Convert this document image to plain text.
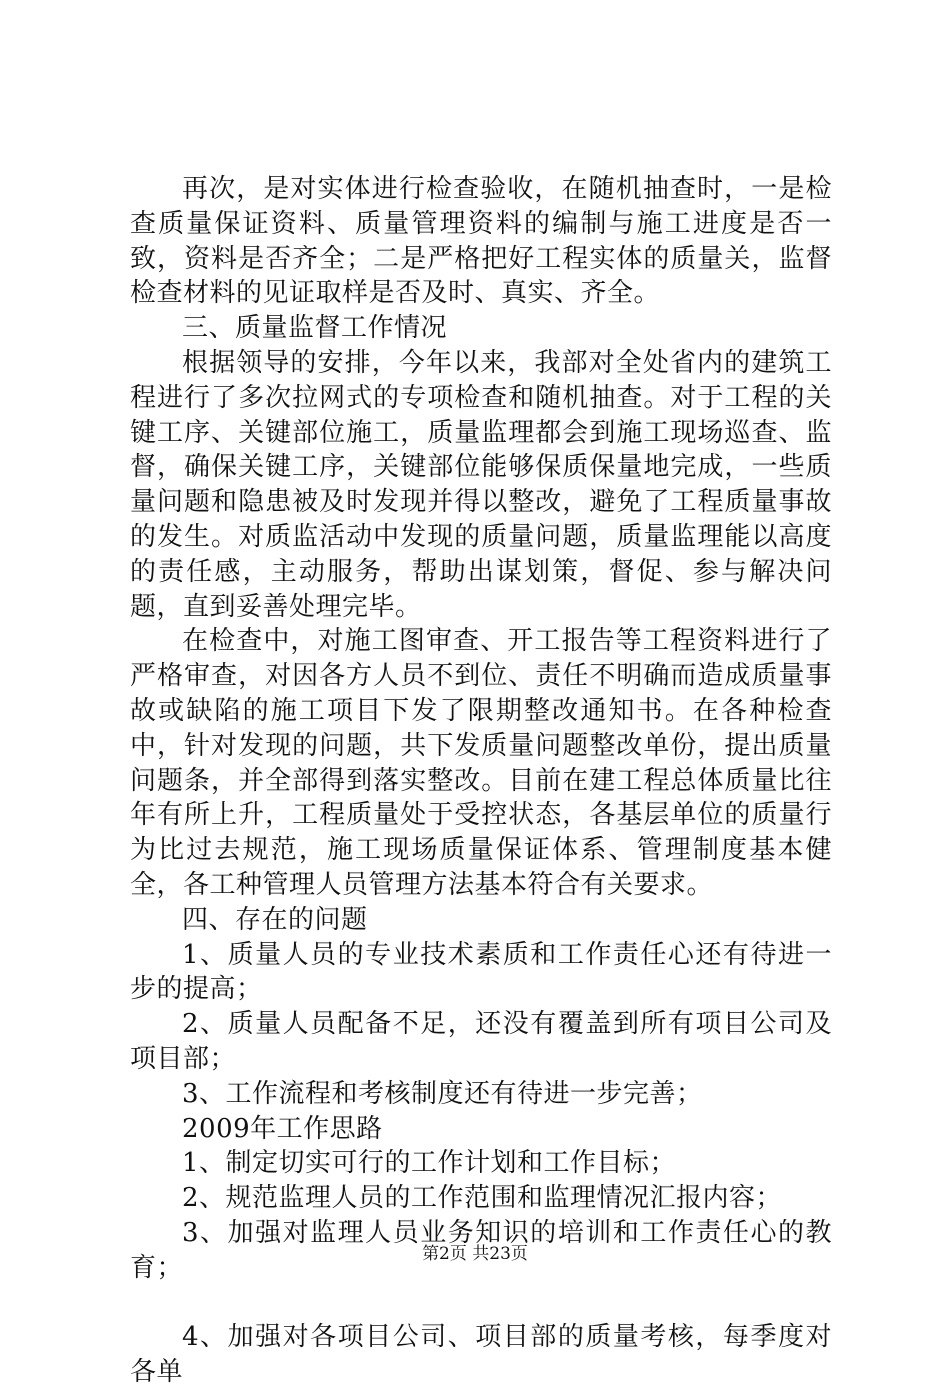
再次，是对实体进行检查验收，在随机抽查时，一是检查质量保证资料、质量管理资料的编制与施工进度是否一致，资料是否齐全；二是严格把好工程实体的质量关，监督检查材料的见证取样是否及时、真实、齐全。

三、质量监督工作情况

根据领导的安排，今年以来，我部对全处省内的建筑工程进行了多次拉网式的专项检查和随机抽查。对于工程的关键工序、关键部位施工，质量监理都会到施工现场巡查、监督，确保关键工序，关键部位能够保质保量地完成，一些质量问题和隐患被及时发现并得以整改，避免了工程质量事故的发生。对质监活动中发现的质量问题，质量监理能以高度的责任感，主动服务，帮助出谋划策，督促、参与解决问题，直到妥善处理完毕。

在检查中，对施工图审查、开工报告等工程资料进行了严格审查，对因各方人员不到位、责任不明确而造成质量事故或缺陷的施工项目下发了限期整改通知书。在各种检查中，针对发现的问题，共下发质量问题整改单份，提出质量问题条，并全部得到落实整改。目前在建工程总体质量比往年有所上升，工程质量处于受控状态，各基层单位的质量行为比过去规范，施工现场质量保证体系、管理制度基本健全，各工种管理人员管理方法基本符合有关要求。

四、存在的问题

1、质量人员的专业技术素质和工作责任心还有待进一步的提高；

2、质量人员配备不足，还没有覆盖到所有项目公司及项目部；

3、工作流程和考核制度还有待进一步完善；

2009年工作思路

1、制定切实可行的工作计划和工作目标；

2、规范监理人员的工作范围和监理情况汇报内容；

3、加强对监理人员业务知识的培训和工作责任心的教育；

4、加强对各项目公司、项目部的质量考核，每季度对各单

第2页 共23页
